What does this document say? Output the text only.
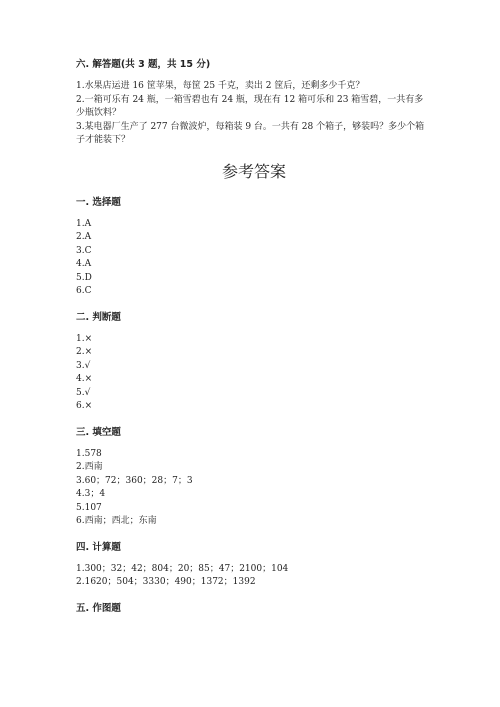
六. 解答题(共 3 题，共 15 分)

1.水果店运进 16 筐苹果，每筐 25 千克，卖出 2 筐后，还剩多少千克？

2.一箱可乐有 24 瓶，一箱雪碧也有 24 瓶，现在有 12 箱可乐和 23 箱雪碧，一共有多少瓶饮料？

3.某电器厂生产了 277 台微波炉，每箱装 9 台。一共有 28 个箱子，够装吗？多少个箱子才能装下？

参考答案

一. 选择题

1.A

2.A

3.C

4.A

5.D

6.C

二. 判断题

1.×

2.×

3.√

4.×

5.√

6.×

三. 填空题

1.578

2.西南

3.60；72；360；28；7；3

4.3；4

5.107

6.西南；西北；东南

四. 计算题

1.300；32；42；804；20；85；47；2100；104

2.1620；504；3330；490；1372；1392

五. 作图题
